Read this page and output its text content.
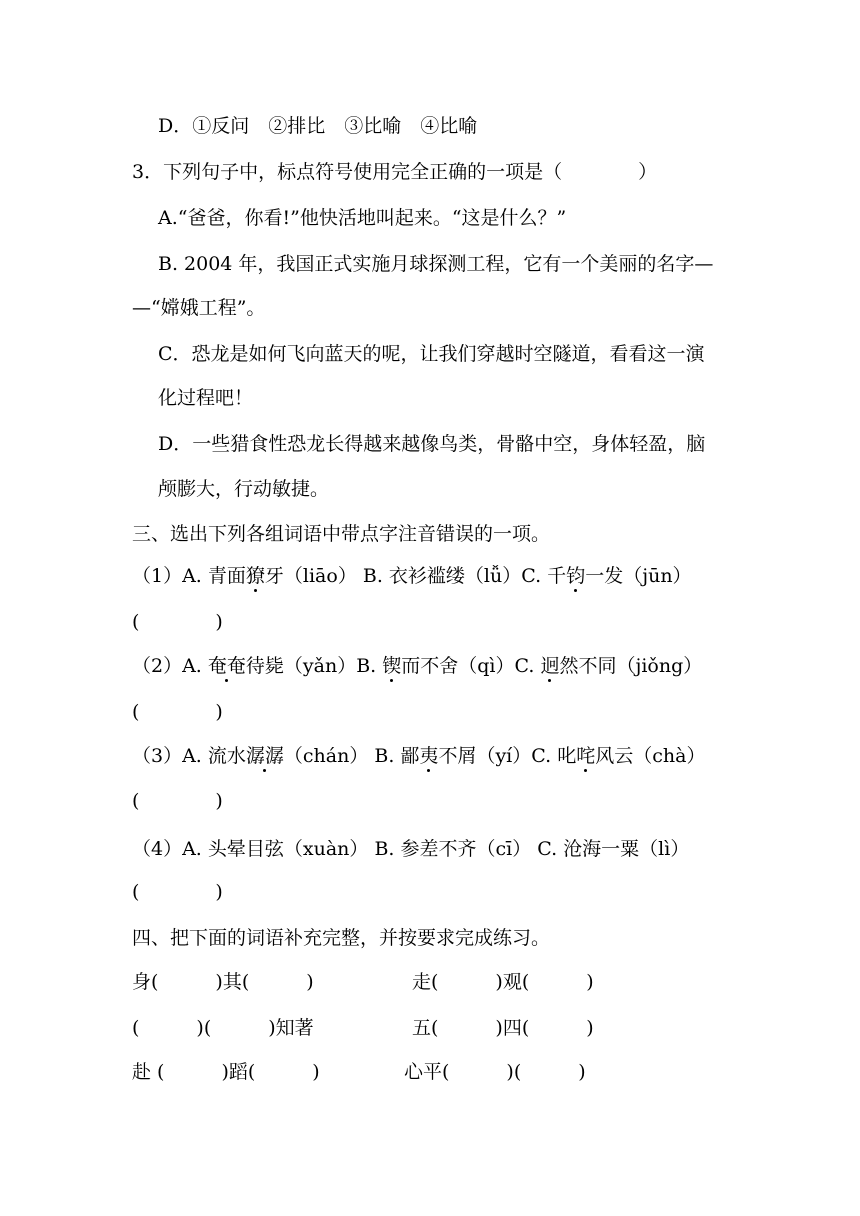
D．①反问　②排比　③比喻　④比喻
3．下列句子中，标点符号使用完全正确的一项是（　　　　）
A.“爸爸，你看!”他快活地叫起来。“这是什么？”
B. 2004 年，我国正式实施月球探测工程，它有一个美丽的名字—
—“嫦娥工程”。
C．恐龙是如何飞向蓝天的呢，让我们穿越时空隧道，看看这一演
化过程吧！
D．一些猎食性恐龙长得越来越像鸟类，骨骼中空，身体轻盈，脑
颅膨大，行动敏捷。
三、选出下列各组词语中带点字注音错误的一项。
（1）A. 青面獠牙（liāo） B. 衣衫褴缕（lǚ）C. 千钧一发（jūn）
(　　　　)
（2）A. 奄奄待毙（yǎn）B. 锲而不舍（qì）C. 迥然不同（jiǒng）
(　　　　)
（3）A. 流水潺潺（chán） B. 鄙夷不屑（yí）C. 叱咤风云（chà）
(　　　　)
（4）A. 头晕目弦（xuàn） B. 参差不齐（cī） C. 沧海一粟（lì）
(　　　　)
四、把下面的词语补充完整，并按要求完成练习。
身(　　　)其(　　　)	走(　　　)观(　　　)
(　　　)(　　　)知著	五(　　　)四(　　　)
赴 (　　　)蹈(　　　)	心平(　　　)(　　　)
